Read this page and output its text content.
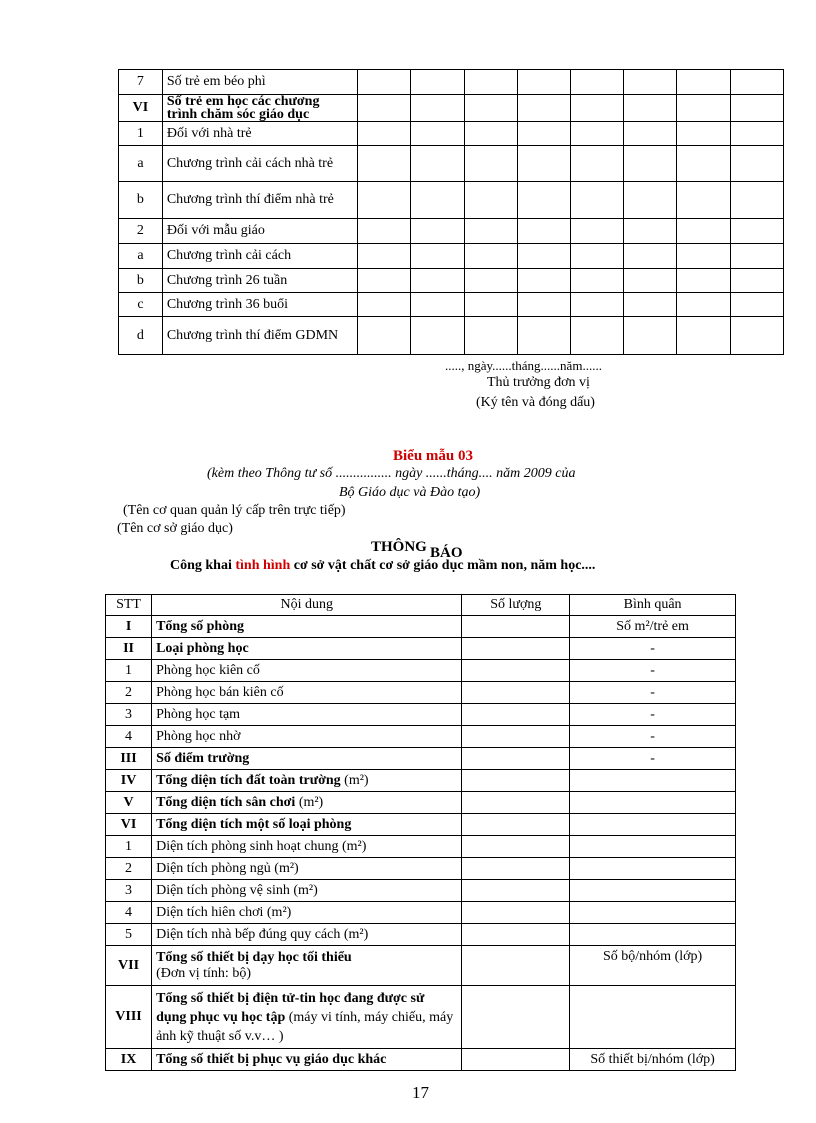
7	Số trẻ em béo phì								
VI	Số trẻ em học các chương trình chăm sóc giáo dục								
1	Đối với nhà trẻ								
a	Chương trình cải cách nhà trẻ								
b	Chương trình thí điểm nhà trẻ								
2	Đối với mẫu giáo								
a	Chương trình cải cách								
b	Chương trình 26 tuần								
c	Chương trình 36 buổi								
d	Chương trình thí điểm GDMN								
....., ngày......tháng......năm......
Thủ trưởng đơn vị
(Ký tên và đóng dấu)
Biểu mẫu 03
(kèm theo Thông tư số ................ ngày ......tháng.... năm 2009 của
Bộ Giáo dục và Đào tạo)
(Tên cơ quan quản lý cấp trên trực tiếp)
(Tên cơ sở giáo dục)
THÔNG BÁO
Công khai tình hình cơ sở vật chất cơ sở giáo dục mầm non, năm học....
STT	Nội dung	Số lượng	Bình quân
I	Tổng số phòng		Số m²/trẻ em
II	Loại phòng học		-
1	Phòng học kiên cố		-
2	Phòng học bán kiên cố		-
3	Phòng học tạm		-
4	Phòng học nhờ		-
III	Số điểm trường		-
IV	Tổng diện tích đất toàn trường (m²)		
V	Tổng diện tích sân chơi (m²)		
VI	Tổng diện tích một số loại phòng		
1	Diện tích phòng sinh hoạt chung (m²)		
2	Diện tích phòng ngủ (m²)		
3	Diện tích phòng vệ sinh (m²)		
4	Diện tích hiên chơi (m²)		
5	Diện tích nhà bếp đúng quy cách (m²)		
VII	Tổng số thiết bị dạy học tối thiểu
(Đơn vị tính: bộ)		Số bộ/nhóm (lớp)
VIII	Tổng số thiết bị điện tử-tin học đang được sử dụng phục vụ học tập (máy vi tính, máy chiếu, máy ảnh kỹ thuật số v.v… )		
IX	Tổng số thiết bị phục vụ giáo dục khác		Số thiết bị/nhóm (lớp)
17
